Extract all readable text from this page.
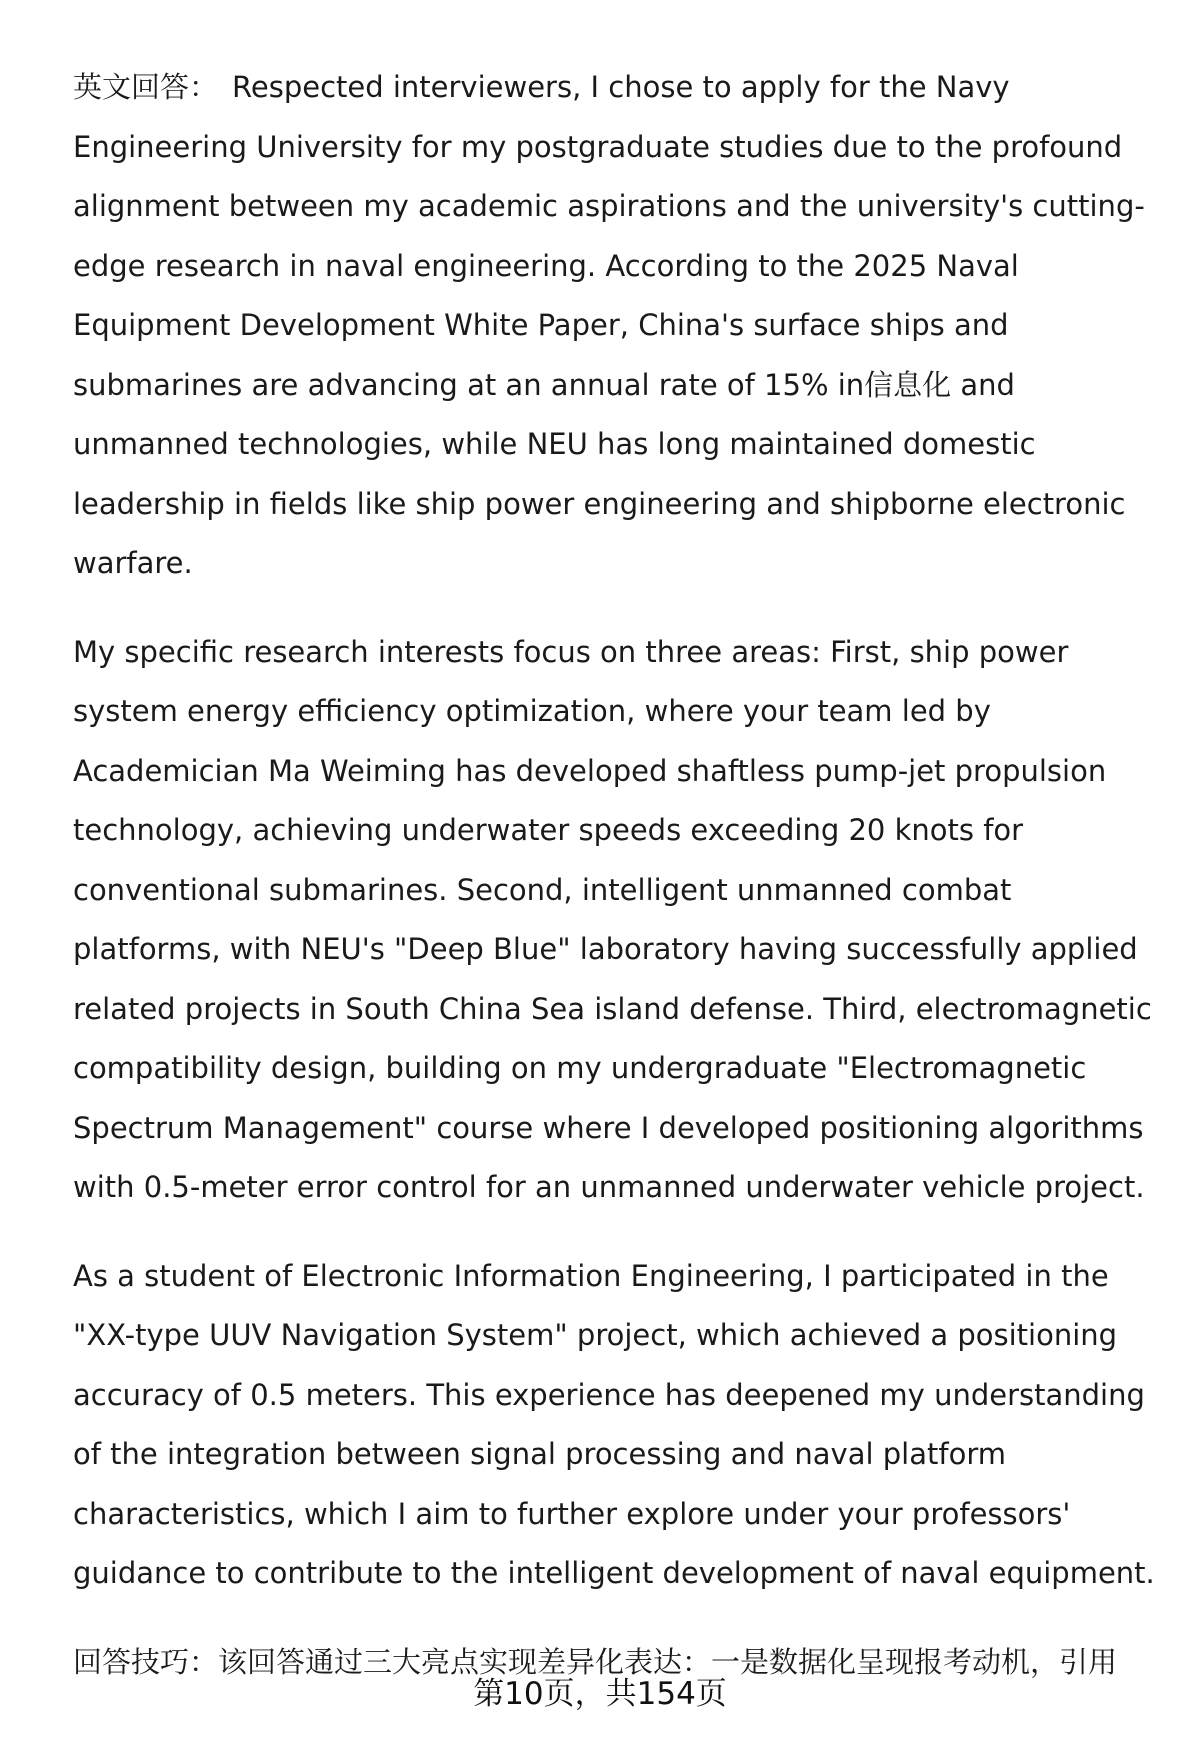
英文回答： Respected interviewers, I chose to apply for the Navy Engineering University for my postgraduate studies due to the profound alignment between my academic aspirations and the university's cutting-edge research in naval engineering. According to the 2025 Naval Equipment Development White Paper, China's surface ships and submarines are advancing at an annual rate of 15% in信息化 and unmanned technologies, while NEU has long maintained domestic leadership in fields like ship power engineering and shipborne electronic warfare.

My specific research interests focus on three areas: First, ship power system energy efficiency optimization, where your team led by Academician Ma Weiming has developed shaftless pump-jet propulsion technology, achieving underwater speeds exceeding 20 knots for conventional submarines. Second, intelligent unmanned combat platforms, with NEU's "Deep Blue" laboratory having successfully applied related projects in South China Sea island defense. Third, electromagnetic compatibility design, building on my undergraduate "Electromagnetic Spectrum Management" course where I developed positioning algorithms with 0.5-meter error control for an unmanned underwater vehicle project.

As a student of Electronic Information Engineering, I participated in the "XX-type UUV Navigation System" project, which achieved a positioning accuracy of 0.5 meters. This experience has deepened my understanding of the integration between signal processing and naval platform characteristics, which I aim to further explore under your professors' guidance to contribute to the intelligent development of naval equipment.

回答技巧：该回答通过三大亮点实现差异化表达：一是数据化呈现报考动机，引用

第10页，共154页
